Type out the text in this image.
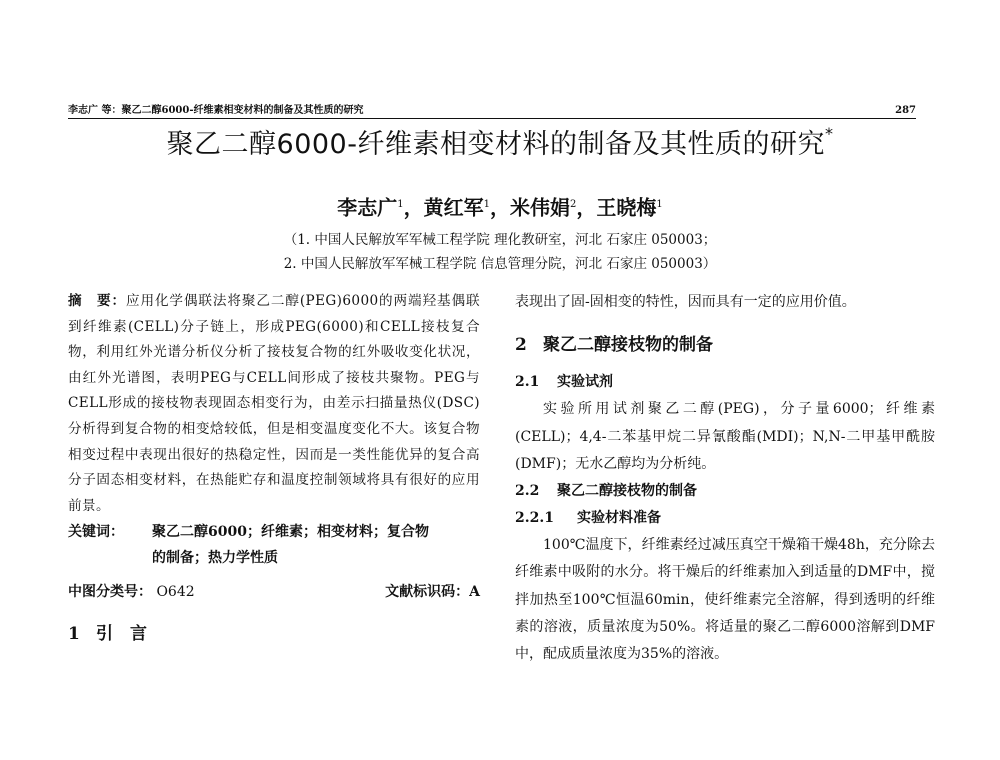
李志广 等：聚乙二醇6000-纤维素相变材料的制备及其性质的研究	287
聚乙二醇6000-纤维素相变材料的制备及其性质的研究*
李志广$^1$，黄红军$^1$，米伟娟$^2$，王晓梅$^1$
（1. 中国人民解放军军械工程学院 理化教研室，河北 石家庄 050003；
2. 中国人民解放军军械工程学院 信息管理分院，河北 石家庄 050003）
摘　要：应用化学偶联法将聚乙二醇(PEG)6000的两端羟基偶联到纤维素(CELL)分子链上，形成PEG(6000)和CELL接枝复合物，利用红外光谱分析仪分析了接枝复合物的红外吸收变化状况，由红外光谱图，表明PEG与CELL间形成了接枝共聚物。PEG与CELL形成的接枝物表现固态相变行为，由差示扫描量热仪(DSC)分析得到复合物的相变焓较低，但是相变温度变化不大。该复合物相变过程中表现出很好的热稳定性，因而是一类性能优异的复合高分子固态相变材料，在热能贮存和温度控制领域将具有很好的应用前景。
关键词： 聚乙二醇6000；纤维素；相变材料；复合物
的制备；热力学性质
中图分类号： O642	文献标识码：A
1 引　言
表现出了固-固相变的特性，因而具有一定的应用价值。
2 聚乙二醇接枝物的制备
2.1 实验试剂
实验所用试剂聚乙二醇(PEG)，分子量6000；纤维素(CELL)；4,4-二苯基甲烷二异氰酸酯(MDI)；N,N-二甲基甲酰胺(DMF)；无水乙醇均为分析纯。
2.2 聚乙二醇接枝物的制备
2.2.1 实验材料准备
100℃温度下，纤维素经过减压真空干燥箱干燥48h，充分除去纤维素中吸附的水分。将干燥后的纤维素加入到适量的DMF中，搅拌加热至100℃恒温60min，使纤维素完全溶解，得到透明的纤维素的溶液，质量浓度为50%。将适量的聚乙二醇6000溶解到DMF中，配成质量浓度为35%的溶液。
